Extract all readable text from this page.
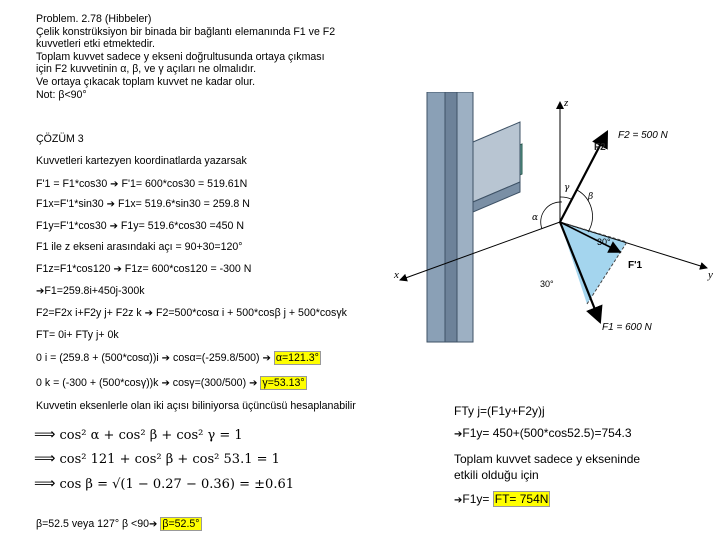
Problem. 2.78 (Hibbeler)
Çelik konstrüksiyon bir binada bir bağlantı elemanında F1 ve F2
kuvvetleri etki etmektedir.
Toplam kuvvet sadece y ekseni doğrultusunda ortaya çıkması
için F2 kuvvetinin α, β, ve γ açıları ne olmalıdır.
Ve ortaya çıkacak toplam kuvvet ne kadar olur.
Not: β<90°
ÇÖZÜM 3
Kuvvetleri kartezyen koordinatlarda yazarsak
F'1 = F1*cos30 ➔ F'1= 600*cos30 = 519.61N
F1x=F'1*sin30 ➔ F1x= 519.6*sin30 = 259.8 N
F1y=F'1*cos30 ➔ F1y= 519.6*cos30 =450 N
F1 ile z ekseni arasındaki açı = 90+30=120°
F1z=F1*cos120 ➔ F1z= 600*cos120 = -300 N
➔F1=259.8i+450j-300k
F2=F2x i+F2y j+ F2z k ➔ F2=500*cosα i + 500*cosβ j + 500*cosγk
FT= 0i+ FTy j+ 0k
0 i = (259.8 + (500*cosα))i ➔ cosα=(-259.8/500) ➔ α=121.3°
0 k = (-300 + (500*cosγ))k ➔ cosγ=(300/500) ➔ γ=53.13°
Kuvvetin eksenlerle olan iki açısı biliniyorsa üçüncüsü hesaplanabilir
⟹ cos² α + cos² β + cos² γ = 1
⟹ cos² 121 + cos² β + cos² 53.1 = 1
⟹ cos β = √(1 − 0.27 − 0.36) = ±0.61
β=52.5 veya 127° β <90➔ β=52.5°
FTy j=(F1y+F2y)j
➔F1y= 450+(500*cos52.5)=754.3
Toplam kuvvet sadece y ekseninde
etkili olduğu için
➔F1y= FT= 754N
F2 = 500 N
F2
F1 = 600 N
F'1
30°
30°
α
β
γ
x	y
z
